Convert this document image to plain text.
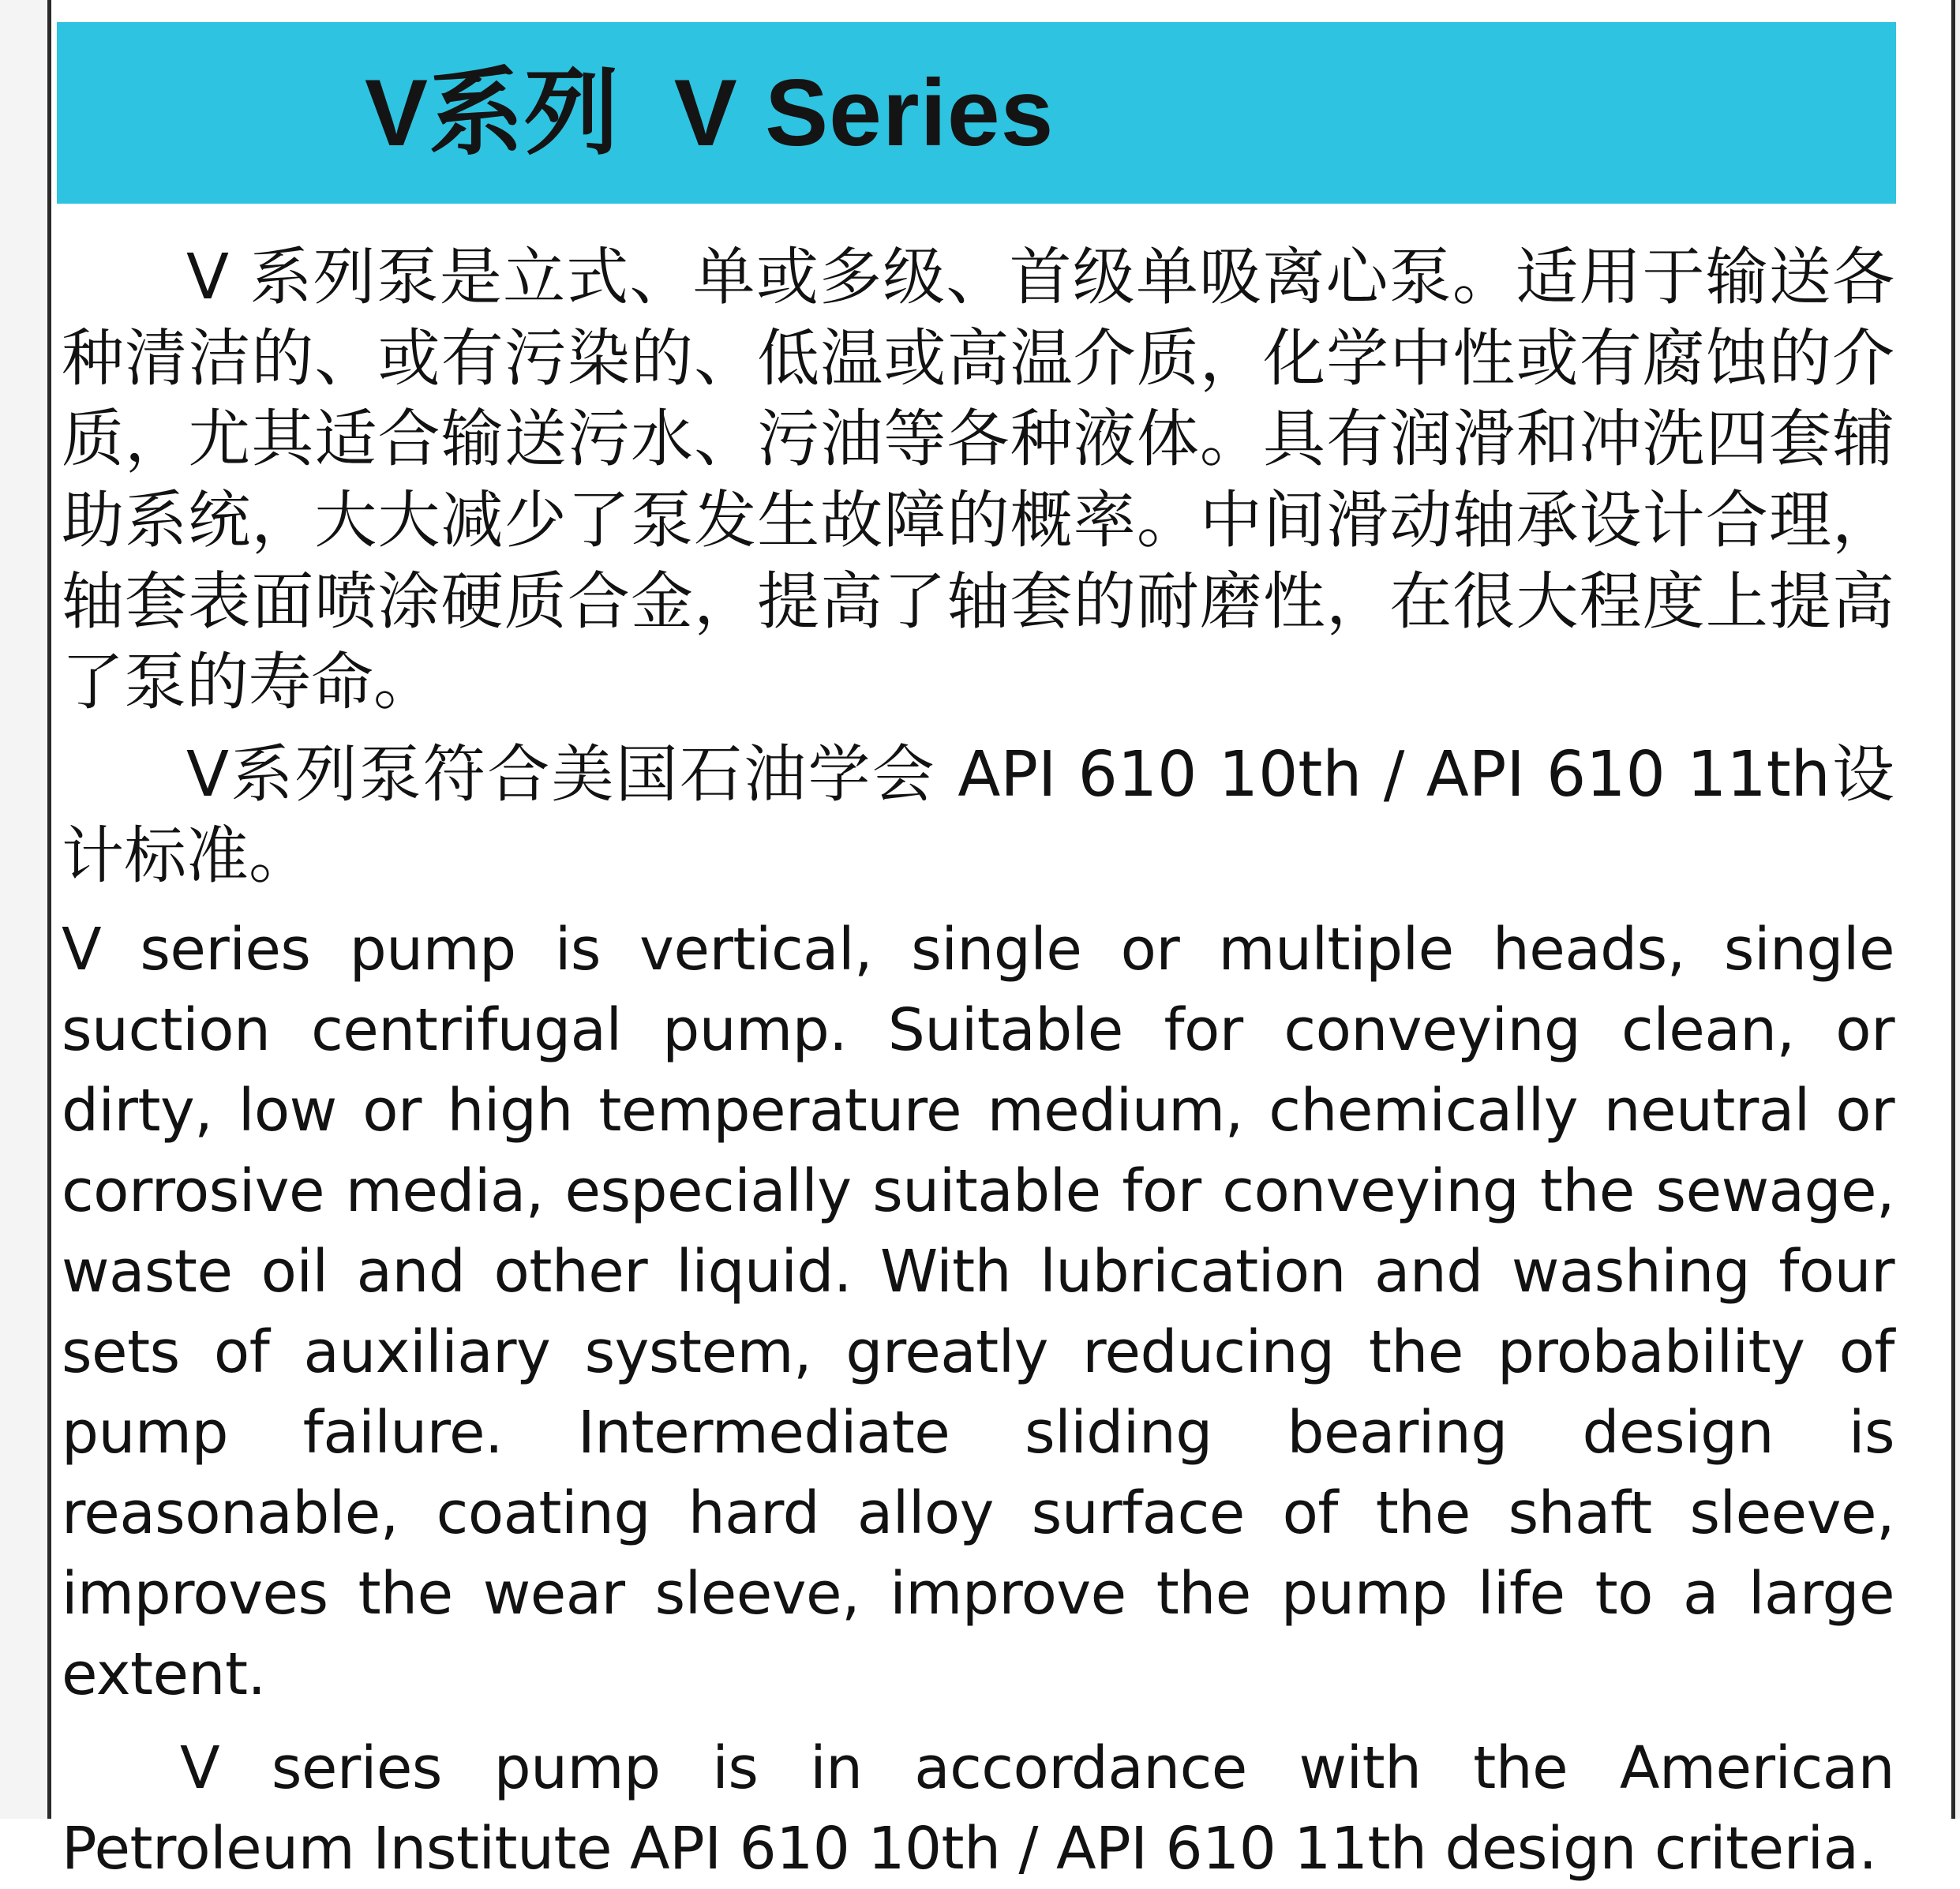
V系列  V Series

V 系列泵是立式、单或多级、首级单吸离心泵。适用于输送各种清洁的、或有污染的、低温或高温介质，化学中性或有腐蚀的介质，尤其适合输送污水、污油等各种液体。具有润滑和冲洗四套辅助系统，大大减少了泵发生故障的概率。中间滑动轴承设计合理，轴套表面喷涂硬质合金，提高了轴套的耐磨性，在很大程度上提高了泵的寿命。

V系列泵符合美国石油学会 API 610 10th / API 610 11th设计标准。

V series pump is vertical, single or multiple heads, single suction centrifugal pump. Suitable for conveying clean, or dirty, low or high temperature medium, chemically neutral or corrosive media, especially suitable for conveying the sewage, waste oil and other liquid. With lubrication and washing four sets of auxiliary system, greatly reducing the probability of pump failure. Intermediate sliding bearing design is reasonable, coating hard alloy surface of the shaft sleeve, improves the wear sleeve, improve the pump life to a large extent.

V series pump is in accordance with the American Petroleum Institute API 610 10th / API 610 11th design criteria.
